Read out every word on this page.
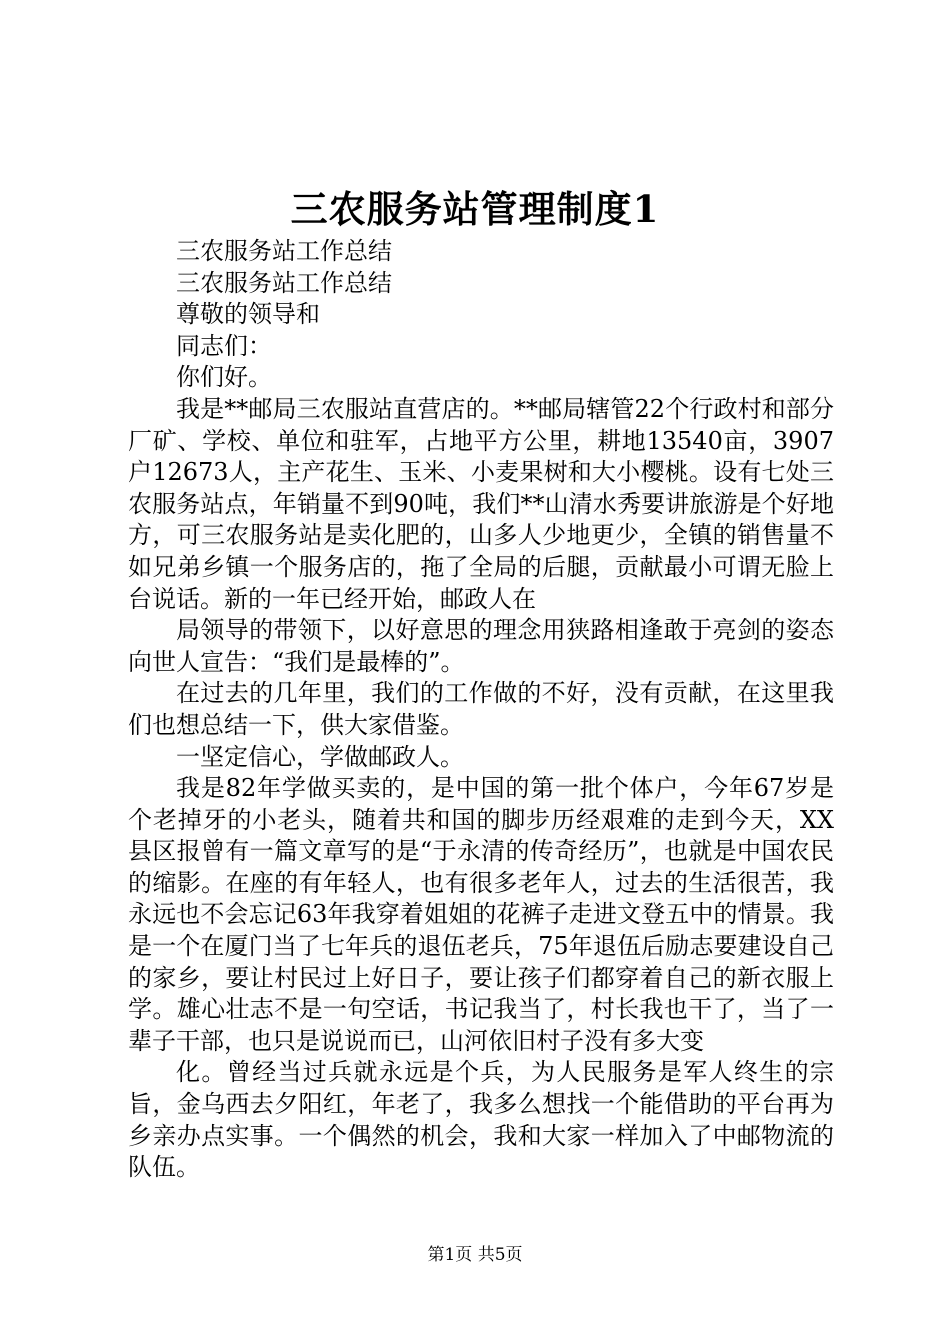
三农服务站管理制度1

三农服务站工作总结

三农服务站工作总结

尊敬的领导和

同志们：

你们好。

我是**邮局三农服站直营店的。**邮局辖管22个行政村和部分厂矿、学校、单位和驻军，占地平方公里，耕地13540亩，3907户12673人，主产花生、玉米、小麦果树和大小樱桃。设有七处三农服务站点，年销量不到90吨，我们**山清水秀要讲旅游是个好地方，可三农服务站是卖化肥的，山多人少地更少，全镇的销售量不如兄弟乡镇一个服务店的，拖了全局的后腿，贡献最小可谓无脸上台说话。新的一年已经开始，邮政人在

局领导的带领下，以好意思的理念用狭路相逢敢于亮剑的姿态向世人宣告：“我们是最棒的”。

在过去的几年里，我们的工作做的不好，没有贡献，在这里我们也想总结一下，供大家借鉴。

一坚定信心，学做邮政人。

我是82年学做买卖的，是中国的第一批个体户，今年67岁是个老掉牙的小老头，随着共和国的脚步历经艰难的走到今天，XX县区报曾有一篇文章写的是“于永清的传奇经历”，也就是中国农民的缩影。在座的有年轻人，也有很多老年人，过去的生活很苦，我永远也不会忘记63年我穿着姐姐的花裤子走进文登五中的情景。我是一个在厦门当了七年兵的退伍老兵，75年退伍后励志要建设自己的家乡，要让村民过上好日子，要让孩子们都穿着自己的新衣服上学。雄心壮志不是一句空话，书记我当了，村长我也干了，当了一辈子干部，也只是说说而已，山河依旧村子没有多大变

化。曾经当过兵就永远是个兵，为人民服务是军人终生的宗旨，金乌西去夕阳红，年老了，我多么想找一个能借助的平台再为乡亲办点实事。一个偶然的机会，我和大家一样加入了中邮物流的队伍。

第1页 共5页
